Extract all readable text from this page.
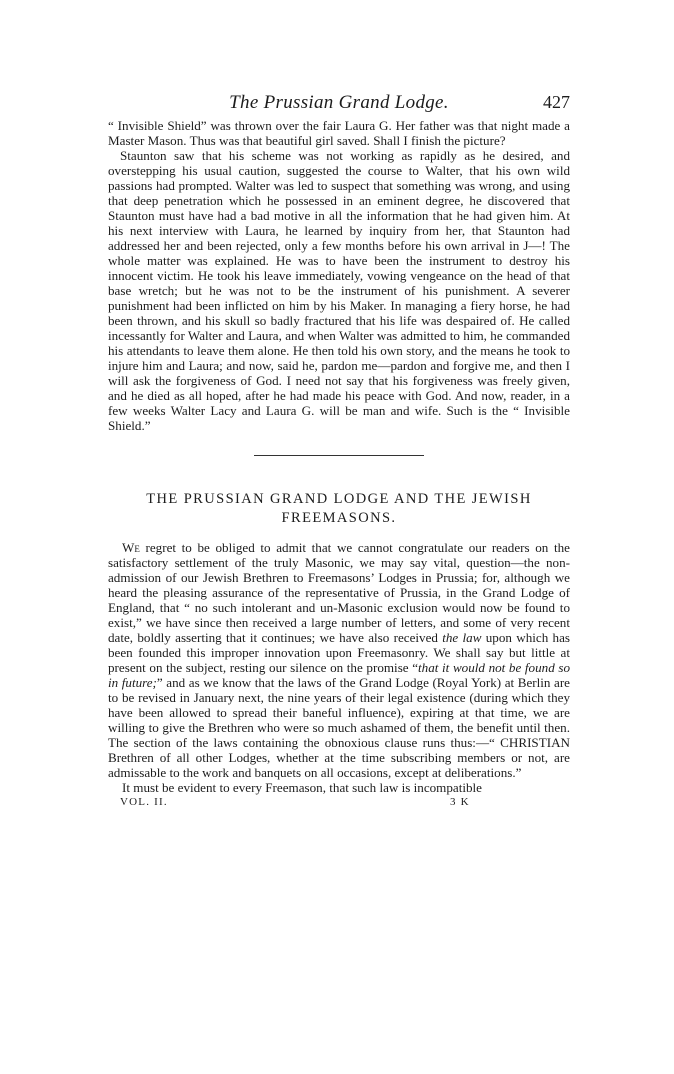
The Prussian Grand Lodge.	427

“ Invisible Shield” was thrown over the fair Laura G. Her father was that night made a Master Mason. Thus was that beautiful girl saved. Shall I finish the picture?

Staunton saw that his scheme was not working as rapidly as he desired, and overstepping his usual caution, suggested the course to Walter, that his own wild passions had prompted. Walter was led to suspect that something was wrong, and using that deep penetration which he possessed in an eminent degree, he discovered that Staunton must have had a bad motive in all the information that he had given him. At his next interview with Laura, he learned by inquiry from her, that Staunton had addressed her and been rejected, only a few months before his own arrival in J—! The whole matter was explained. He was to have been the instrument to destroy his innocent victim. He took his leave immediately, vowing vengeance on the head of that base wretch; but he was not to be the instrument of his punishment. A severer punishment had been inflicted on him by his Maker. In managing a fiery horse, he had been thrown, and his skull so badly fractured that his life was despaired of. He called incessantly for Walter and Laura, and when Walter was admitted to him, he commanded his attendants to leave them alone. He then told his own story, and the means he took to injure him and Laura; and now, said he, pardon me—pardon and forgive me, and then I will ask the forgiveness of God. I need not say that his forgiveness was freely given, and he died as all hoped, after he had made his peace with God. And now, reader, in a few weeks Walter Lacy and Laura G. will be man and wife. Such is the “ Invisible Shield.”

THE PRUSSIAN GRAND LODGE AND THE JEWISH
FREEMASONS.

We regret to be obliged to admit that we cannot congratulate our readers on the satisfactory settlement of the truly Masonic, we may say vital, question—the non-admission of our Jewish Brethren to Freemasons’ Lodges in Prussia; for, although we heard the pleasing assurance of the representative of Prussia, in the Grand Lodge of England, that “ no such intolerant and un-Masonic exclusion would now be found to exist,” we have since then received a large number of letters, and some of very recent date, boldly asserting that it continues; we have also received the law upon which has been founded this improper innovation upon Freemasonry. We shall say but little at present on the subject, resting our silence on the promise “that it would not be found so in future;” and as we know that the laws of the Grand Lodge (Royal York) at Berlin are to be revised in January next, the nine years of their legal existence (during which they have been allowed to spread their baneful influence), expiring at that time, we are willing to give the Brethren who were so much ashamed of them, the benefit until then. The section of the laws containing the obnoxious clause runs thus:—“ CHRISTIAN Brethren of all other Lodges, whether at the time subscribing members or not, are admissable to the work and banquets on all occasions, except at deliberations.”

It must be evident to every Freemason, that such law is incompatible

VOL. II.	3 K
